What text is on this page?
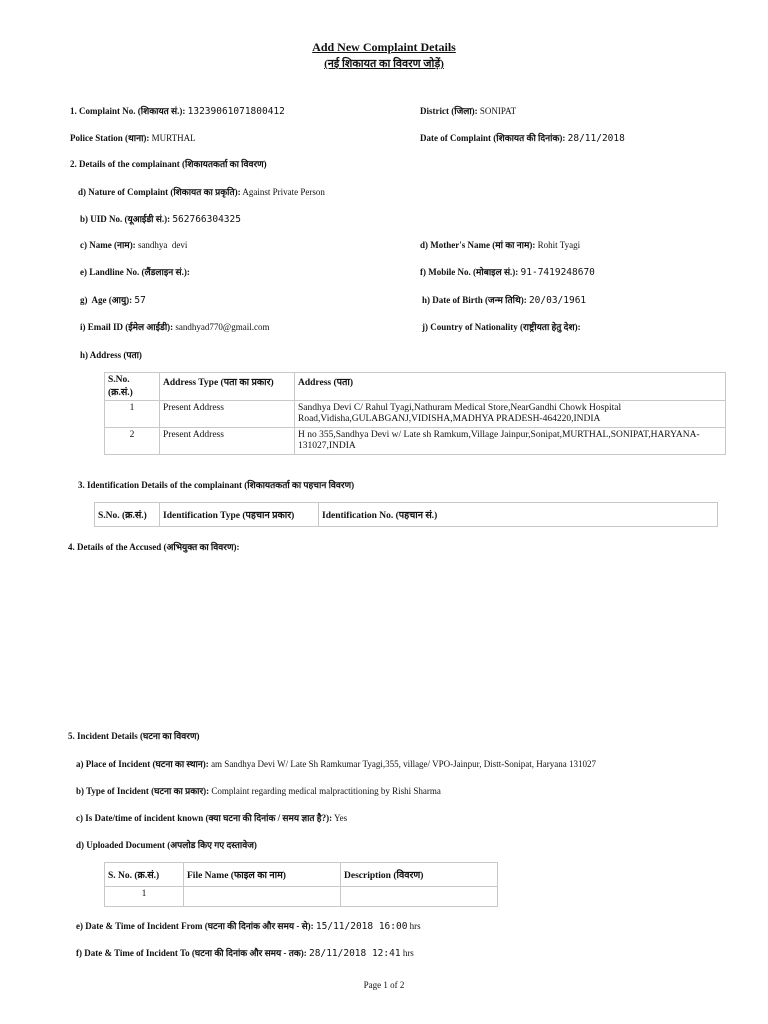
Add New Complaint Details
(नई शिकायत का विवरण जोड़ें)
1. Complaint No. (शिकायत सं.): 13239061071800412	District (जिला): SONIPAT
Police Station (थाना): MURTHAL	Date of Complaint (शिकायत की दिनांक): 28/11/2018
2. Details of the complainant (शिकायतकर्ता का विवरण)
d) Nature of Complaint (शिकायत का प्रकृति): Against Private Person
b) UID No. (यूआईडी सं.): 562766304325
c) Name (नाम): sandhya  devi	d) Mother's Name (मां का नाम): Rohit Tyagi
e) Landline No. (लैंडलाइन सं.):	f) Mobile No. (मोबाइल सं.): 91-7419248670
g)  Age (आयु): 57	h) Date of Birth (जन्म तिथि): 20/03/1961
i) Email ID (ईमेल आईडी): sandhyad770@gmail.com	j) Country of Nationality (राष्ट्रीयता हेतु देश):
h) Address (पता)
S.No.
(क्र.सं.)	Address Type (पता का प्रकार)	Address (पता)
1	Present Address	Sandhya Devi C/ Rahul Tyagi,Nathuram Medical Store,NearGandhi Chowk Hospital Road,Vidisha,GULABGANJ,VIDISHA,MADHYA PRADESH-464220,INDIA
2	Present Address	H no 355,Sandhya Devi w/ Late sh Ramkum,Village Jainpur,Sonipat,MURTHAL,SONIPAT,HARYANA-131027,INDIA
3. Identification Details of the complainant (शिकायतकर्ता का पहचान विवरण)
S.No. (क्र.सं.)	Identification Type (पहचान प्रकार)	Identification No. (पहचान सं.)
4. Details of the Accused (अभियुक्त का विवरण):
5. Incident Details (घटना का विवरण)
a) Place of Incident (घटना का स्थान): am Sandhya Devi W/ Late Sh Ramkumar Tyagi,355, village/ VPO-Jainpur, Distt-Sonipat, Haryana 131027
b) Type of Incident (घटना का प्रकार): Complaint regarding medical malpractitioning by Rishi Sharma
c) Is Date/time of incident known (क्या घटना की दिनांक / समय ज्ञात है?): Yes
d) Uploaded Document (अपलोड किए गए दस्तावेज)
S. No. (क्र.सं.)	File Name (फाइल का नाम)	Description (विवरण)
1		
e) Date & Time of Incident From (घटना की दिनांक और समय - से): 15/11/2018 16:00 hrs
f) Date & Time of Incident To (घटना की दिनांक और समय - तक): 28/11/2018 12:41 hrs
Page 1 of 2
